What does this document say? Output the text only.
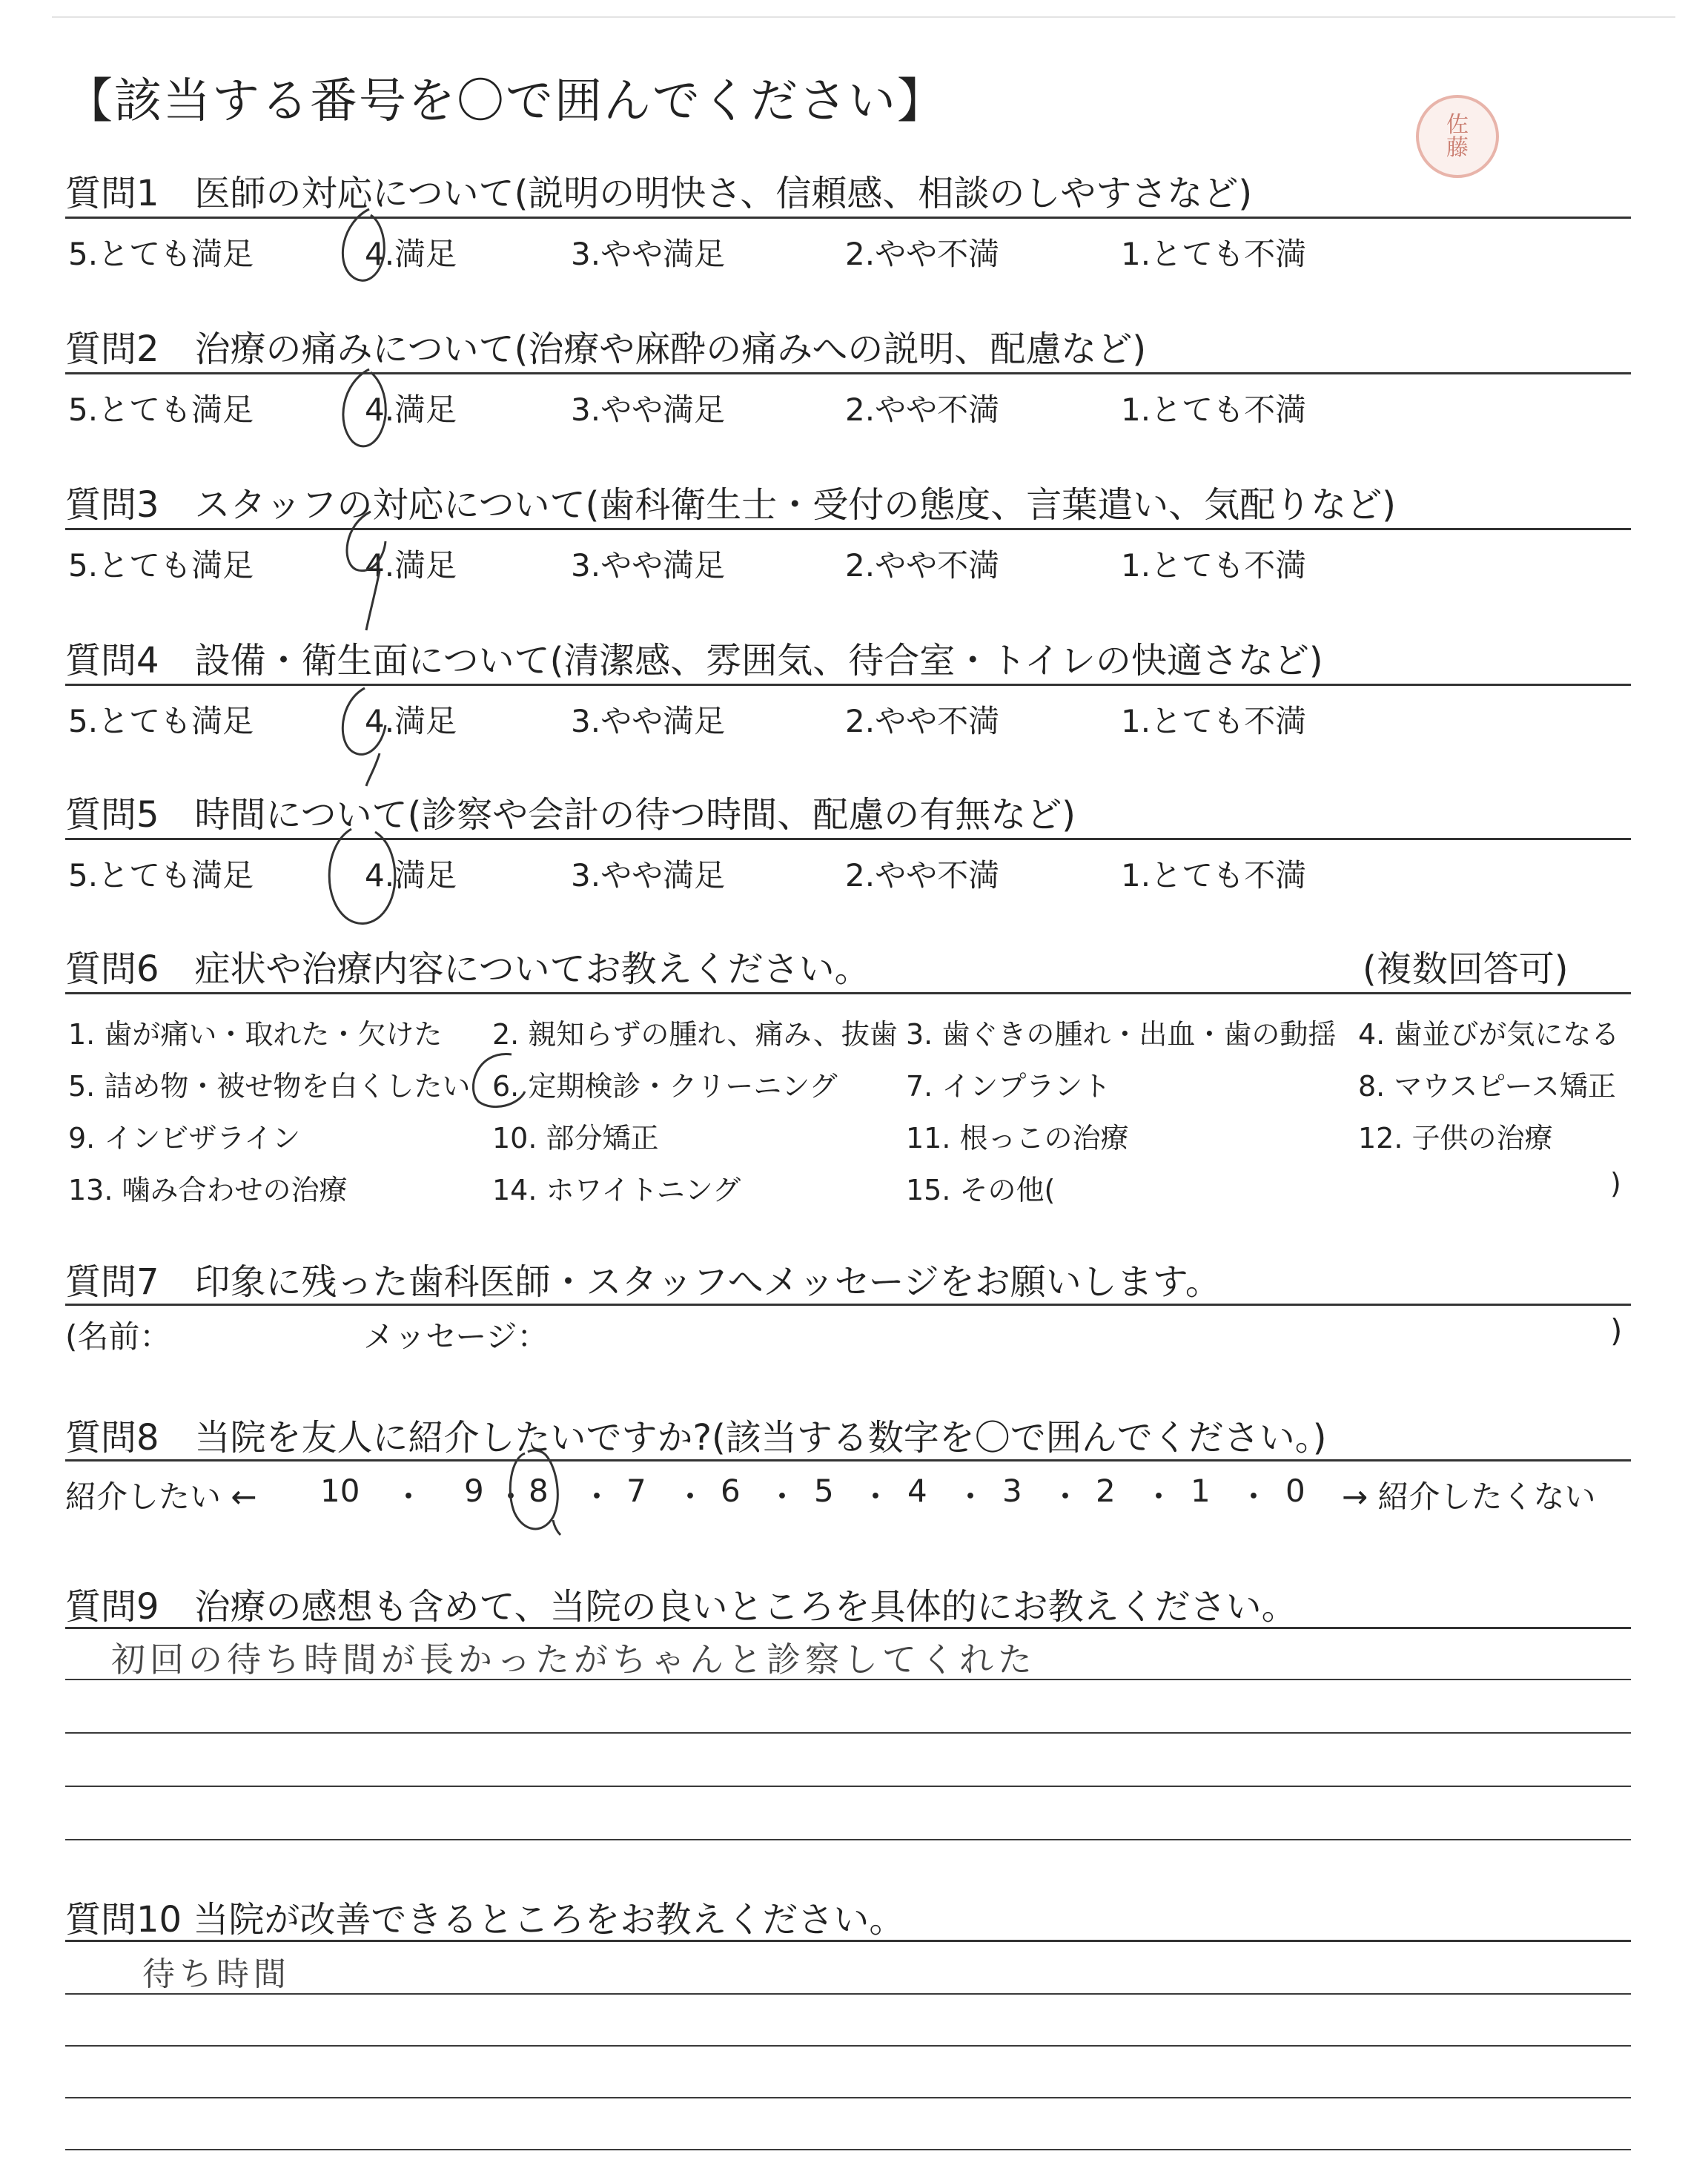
【該当する番号を〇で囲んでください】	佐
藤
質問1　医師の対応について(説明の明快さ、信頼感、相談のしやすさなど)
5.とても満足	4.満足	3.やや満足	2.やや不満	1.とても不満
質問2　治療の痛みについて(治療や麻酔の痛みへの説明、配慮など)
5.とても満足	4.満足	3.やや満足	2.やや不満	1.とても不満
質問3　スタッフの対応について(歯科衛生士・受付の態度、言葉遣い、気配りなど)
5.とても満足	4.満足	3.やや満足	2.やや不満	1.とても不満
質問4　設備・衛生面について(清潔感、雰囲気、待合室・トイレの快適さなど)
5.とても満足	4.満足	3.やや満足	2.やや不満	1.とても不満
質問5　時間について(診察や会計の待つ時間、配慮の有無など)
5.とても満足	4.満足	3.やや満足	2.やや不満	1.とても不満
質問6　症状や治療内容についてお教えください。	(複数回答可)
1. 歯が痛い・取れた・欠けた 2. 親知らずの腫れ、痛み、抜歯 3. 歯ぐきの腫れ・出血・歯の動揺 4. 歯並びが気になる
5. 詰め物・被せ物を白くしたい 6. 定期検診・クリーニング 7. インプラント	8. マウスピース矯正
9. インビザライン	10. 部分矯正	11. 根っこの治療	12. 子供の治療
13. 噛み合わせの治療	14. ホワイトニング	15. その他(	)
質問7　印象に残った歯科医師・スタッフへメッセージをお願いします。
(名前：	メッセージ：	)
質問8　当院を友人に紹介したいですか?(該当する数字を〇で囲んでください。)
紹介したい ← 10 ・ 9 ・ 8 ・ 7 ・ 6 ・ 5 ・ 4 ・ 3 ・ 2 ・ 1 ・ 0 → 紹介したくない
質問9　治療の感想も含めて、当院の良いところを具体的にお教えください。
初回の待ち時間が長かったがちゃんと診察してくれた
質問10 当院が改善できるところをお教えください。
待ち時間
